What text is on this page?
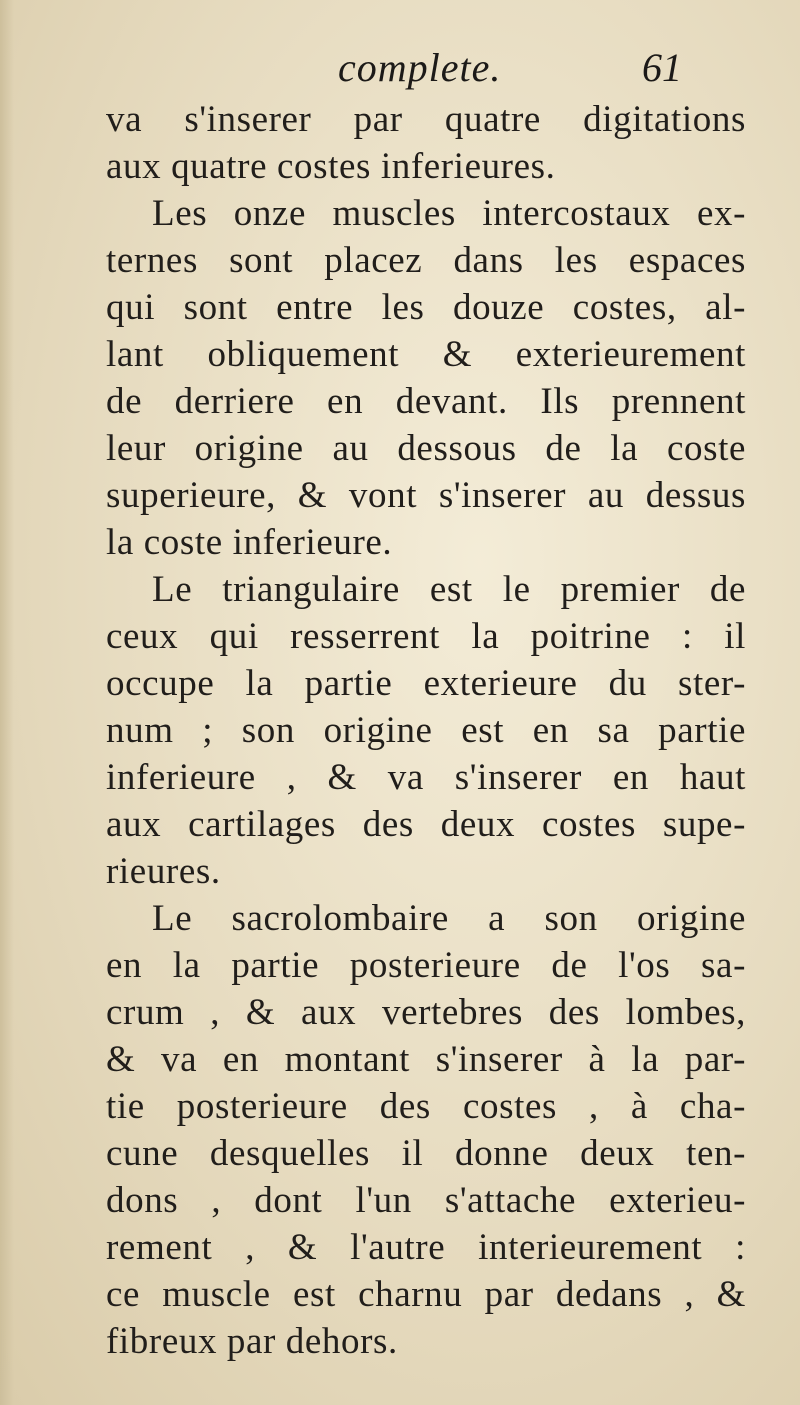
complete.	61
va s'inserer par quatre digitations
aux quatre costes inferieures.
Les onze muscles intercostaux ex-
ternes sont placez dans les espaces
qui sont entre les douze costes, al-
lant obliquement & exterieurement
de derriere en devant. Ils prennent
leur origine au dessous de la coste
superieure, & vont s'inserer au dessus
la coste inferieure.
Le triangulaire est le premier de
ceux qui resserrent la poitrine : il
occupe la partie exterieure du ster-
num ; son origine est en sa partie
inferieure , & va s'inserer en haut
aux cartilages des deux costes supe-
rieures.
Le sacrolombaire a son origine
en la partie posterieure de l'os sa-
crum , & aux vertebres des lombes,
& va en montant s'inserer à la par-
tie posterieure des costes , à cha-
cune desquelles il donne deux ten-
dons , dont l'un s'attache exterieu-
rement , & l'autre interieurement :
ce muscle est charnu par dedans , &
fibreux par dehors.
